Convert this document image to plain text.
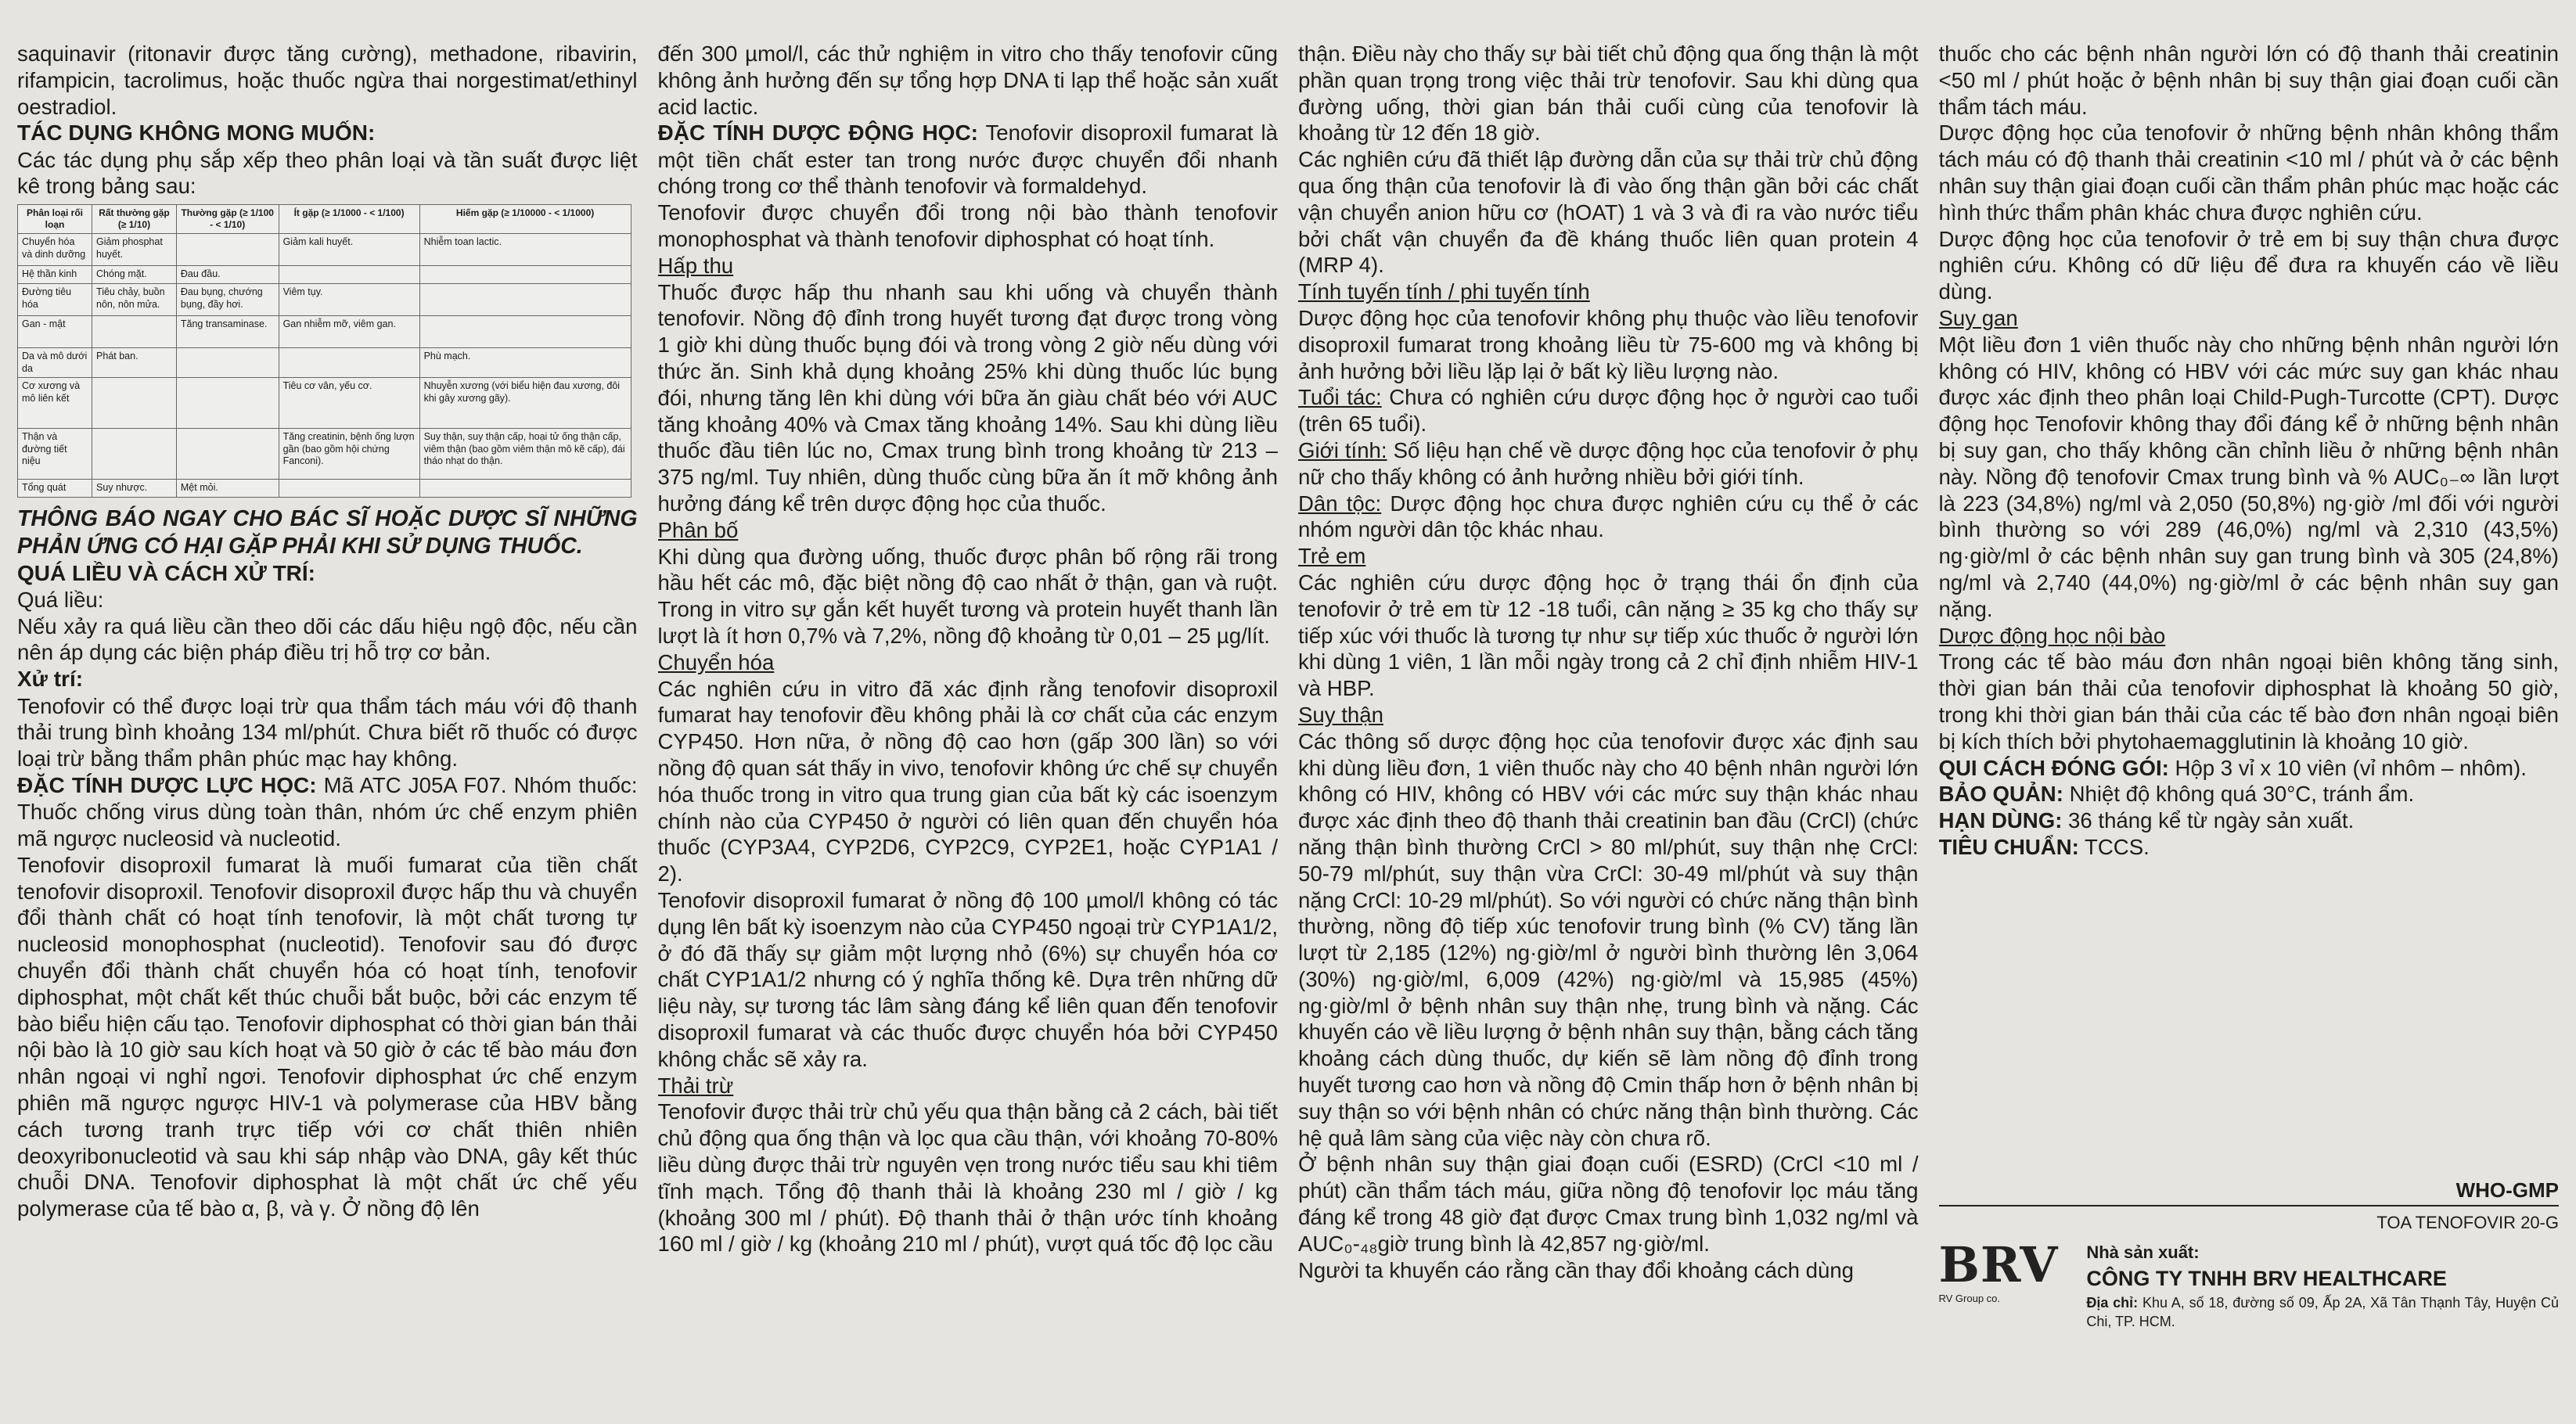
saquinavir (ritonavir được tăng cường), methadone, ribavirin, rifampicin, tacrolimus, hoặc thuốc ngừa thai norgestimat/ethinyl oestradiol.

TÁC DỤNG KHÔNG MONG MUỐN:

Các tác dụng phụ sắp xếp theo phân loại và tần suất được liệt kê trong bảng sau:

Phân loại rối loạn	Rất thường gặp (≥ 1/10)	Thường gặp (≥ 1/100 - < 1/10)	Ít gặp (≥ 1/1000 - < 1/100)	Hiếm gặp (≥ 1/10000 - < 1/1000)
Chuyển hóa và dinh dưỡng	Giảm phosphat huyết.		Giảm kali huyết.	Nhiễm toan lactic.
Hệ thần kinh	Chóng mặt.	Đau đầu.		
Đường tiêu hóa	Tiêu chảy, buồn nôn, nôn mửa.	Đau bụng, chướng bụng, đầy hơi.	Viêm tụy.	
Gan - mật		Tăng transaminase.	Gan nhiễm mỡ, viêm gan.	
Da và mô dưới da	Phát ban.			Phù mạch.
Cơ xương và mô liên kết			Tiêu cơ vân, yếu cơ.	Nhuyễn xương (với biểu hiện đau xương, đôi khi gây xương gãy).
Thận và đường tiết niệu			Tăng creatinin, bệnh ống lượn gần (bao gồm hội chứng Fanconi).	Suy thận, suy thận cấp, hoại tử ống thận cấp, viêm thận (bao gồm viêm thận mô kẽ cấp), đái tháo nhạt do thận.
Tổng quát	Suy nhược.	Mệt mỏi.		

THÔNG BÁO NGAY CHO BÁC SĨ HOẶC DƯỢC SĨ NHỮNG PHẢN ỨNG CÓ HẠI GẶP PHẢI KHI SỬ DỤNG THUỐC.

QUÁ LIỀU VÀ CÁCH XỬ TRÍ:

Quá liều:

Nếu xảy ra quá liều cần theo dõi các dấu hiệu ngộ độc, nếu cần nên áp dụng các biện pháp điều trị hỗ trợ cơ bản.

Xử trí:

Tenofovir có thể được loại trừ qua thẩm tách máu với độ thanh thải trung bình khoảng 134 ml/phút. Chưa biết rõ thuốc có được loại trừ bằng thẩm phân phúc mạc hay không.

ĐẶC TÍNH DƯỢC LỰC HỌC: Mã ATC J05A F07. Nhóm thuốc: Thuốc chống virus dùng toàn thân, nhóm ức chế enzym phiên mã ngược nucleosid và nucleotid.

Tenofovir disoproxil fumarat là muối fumarat của tiền chất tenofovir disoproxil. Tenofovir disoproxil được hấp thu và chuyển đổi thành chất có hoạt tính tenofovir, là một chất tương tự nucleosid monophosphat (nucleotid). Tenofovir sau đó được chuyển đổi thành chất chuyển hóa có hoạt tính, tenofovir diphosphat, một chất kết thúc chuỗi bắt buộc, bởi các enzym tế bào biểu hiện cấu tạo. Tenofovir diphosphat có thời gian bán thải nội bào là 10 giờ sau kích hoạt và 50 giờ ở các tế bào máu đơn nhân ngoại vi nghỉ ngơi. Tenofovir diphosphat ức chế enzym phiên mã ngược ngược HIV-1 và polymerase của HBV bằng cách tương tranh trực tiếp với cơ chất thiên nhiên deoxyribonucleotid và sau khi sáp nhập vào DNA, gây kết thúc chuỗi DNA. Tenofovir diphosphat là một chất ức chế yếu polymerase của tế bào α, β, và γ. Ở nồng độ lên

đến 300 µmol/l, các thử nghiệm in vitro cho thấy tenofovir cũng không ảnh hưởng đến sự tổng hợp DNA ti lạp thể hoặc sản xuất acid lactic.

ĐẶC TÍNH DƯỢC ĐỘNG HỌC: Tenofovir disoproxil fumarat là một tiền chất ester tan trong nước được chuyển đổi nhanh chóng trong cơ thể thành tenofovir và formaldehyd.

Tenofovir được chuyển đổi trong nội bào thành tenofovir monophosphat và thành tenofovir diphosphat có hoạt tính.

Hấp thu

Thuốc được hấp thu nhanh sau khi uống và chuyển thành tenofovir. Nồng độ đỉnh trong huyết tương đạt được trong vòng 1 giờ khi dùng thuốc bụng đói và trong vòng 2 giờ nếu dùng với thức ăn. Sinh khả dụng khoảng 25% khi dùng thuốc lúc bụng đói, nhưng tăng lên khi dùng với bữa ăn giàu chất béo với AUC tăng khoảng 40% và Cmax tăng khoảng 14%. Sau khi dùng liều thuốc đầu tiên lúc no, Cmax trung bình trong khoảng từ 213 – 375 ng/ml. Tuy nhiên, dùng thuốc cùng bữa ăn ít mỡ không ảnh hưởng đáng kể trên dược động học của thuốc.

Phân bố

Khi dùng qua đường uống, thuốc được phân bố rộng rãi trong hầu hết các mô, đặc biệt nồng độ cao nhất ở thận, gan và ruột. Trong in vitro sự gắn kết huyết tương và protein huyết thanh lần lượt là ít hơn 0,7% và 7,2%, nồng độ khoảng từ 0,01 – 25 µg/lít.

Chuyển hóa

Các nghiên cứu in vitro đã xác định rằng tenofovir disoproxil fumarat hay tenofovir đều không phải là cơ chất của các enzym CYP450. Hơn nữa, ở nồng độ cao hơn (gấp 300 lần) so với nồng độ quan sát thấy in vivo, tenofovir không ức chế sự chuyển hóa thuốc trong in vitro qua trung gian của bất kỳ các isoenzym chính nào của CYP450 ở người có liên quan đến chuyển hóa thuốc (CYP3A4, CYP2D6, CYP2C9, CYP2E1, hoặc CYP1A1 / 2).

Tenofovir disoproxil fumarat ở nồng độ 100 µmol/l không có tác dụng lên bất kỳ isoenzym nào của CYP450 ngoại trừ CYP1A1/2, ở đó đã thấy sự giảm một lượng nhỏ (6%) sự chuyển hóa cơ chất CYP1A1/2 nhưng có ý nghĩa thống kê. Dựa trên những dữ liệu này, sự tương tác lâm sàng đáng kể liên quan đến tenofovir disoproxil fumarat và các thuốc được chuyển hóa bởi CYP450 không chắc sẽ xảy ra.

Thải trừ

Tenofovir được thải trừ chủ yếu qua thận bằng cả 2 cách, bài tiết chủ động qua ống thận và lọc qua cầu thận, với khoảng 70-80% liều dùng được thải trừ nguyên vẹn trong nước tiểu sau khi tiêm tĩnh mạch. Tổng độ thanh thải là khoảng 230 ml / giờ / kg (khoảng 300 ml / phút). Độ thanh thải ở thận ước tính khoảng 160 ml / giờ / kg (khoảng 210 ml / phút), vượt quá tốc độ lọc cầu

thận. Điều này cho thấy sự bài tiết chủ động qua ống thận là một phần quan trọng trong việc thải trừ tenofovir. Sau khi dùng qua đường uống, thời gian bán thải cuối cùng của tenofovir là khoảng từ 12 đến 18 giờ.

Các nghiên cứu đã thiết lập đường dẫn của sự thải trừ chủ động qua ống thận của tenofovir là đi vào ống thận gần bởi các chất vận chuyển anion hữu cơ (hOAT) 1 và 3 và đi ra vào nước tiểu bởi chất vận chuyển đa đề kháng thuốc liên quan protein 4 (MRP 4).

Tính tuyến tính / phi tuyến tính

Dược động học của tenofovir không phụ thuộc vào liều tenofovir disoproxil fumarat trong khoảng liều từ 75-600 mg và không bị ảnh hưởng bởi liều lặp lại ở bất kỳ liều lượng nào.

Tuổi tác: Chưa có nghiên cứu dược động học ở người cao tuổi (trên 65 tuổi).

Giới tính: Số liệu hạn chế về dược động học của tenofovir ở phụ nữ cho thấy không có ảnh hưởng nhiều bởi giới tính.

Dân tộc: Dược động học chưa được nghiên cứu cụ thể ở các nhóm người dân tộc khác nhau.

Trẻ em

Các nghiên cứu dược động học ở trạng thái ổn định của tenofovir ở trẻ em từ 12 -18 tuổi, cân nặng ≥ 35 kg cho thấy sự tiếp xúc với thuốc là tương tự như sự tiếp xúc thuốc ở người lớn khi dùng 1 viên, 1 lần mỗi ngày trong cả 2 chỉ định nhiễm HIV-1 và HBP.

Suy thận

Các thông số dược động học của tenofovir được xác định sau khi dùng liều đơn, 1 viên thuốc này cho 40 bệnh nhân người lớn không có HIV, không có HBV với các mức suy thận khác nhau được xác định theo độ thanh thải creatinin ban đầu (CrCl) (chức năng thận bình thường CrCl > 80 ml/phút, suy thận nhẹ CrCl: 50-79 ml/phút, suy thận vừa CrCl: 30-49 ml/phút và suy thận nặng CrCl: 10-29 ml/phút). So với người có chức năng thận bình thường, nồng độ tiếp xúc tenofovir trung bình (% CV) tăng lần lượt từ 2,185 (12%) ng·giờ/ml ở người bình thường lên 3,064 (30%) ng·giờ/ml, 6,009 (42%) ng·giờ/ml và 15,985 (45%) ng·giờ/ml ở bệnh nhân suy thận nhẹ, trung bình và nặng. Các khuyến cáo về liều lượng ở bệnh nhân suy thận, bằng cách tăng khoảng cách dùng thuốc, dự kiến sẽ làm nồng độ đỉnh trong huyết tương cao hơn và nồng độ Cmin thấp hơn ở bệnh nhân bị suy thận so với bệnh nhân có chức năng thận bình thường. Các hệ quả lâm sàng của việc này còn chưa rõ.

Ở bệnh nhân suy thận giai đoạn cuối (ESRD) (CrCl <10 ml / phút) cần thẩm tách máu, giữa nồng độ tenofovir lọc máu tăng đáng kể trong 48 giờ đạt được Cmax trung bình 1,032 ng/ml và AUC₀-₄₈giờ trung bình là 42,857 ng·giờ/ml.

Người ta khuyến cáo rằng cần thay đổi khoảng cách dùng

thuốc cho các bệnh nhân người lớn có độ thanh thải creatinin <50 ml / phút hoặc ở bệnh nhân bị suy thận giai đoạn cuối cần thẩm tách máu.

Dược động học của tenofovir ở những bệnh nhân không thẩm tách máu có độ thanh thải creatinin <10 ml / phút và ở các bệnh nhân suy thận giai đoạn cuối cần thẩm phân phúc mạc hoặc các hình thức thẩm phân khác chưa được nghiên cứu.

Dược động học của tenofovir ở trẻ em bị suy thận chưa được nghiên cứu. Không có dữ liệu để đưa ra khuyến cáo về liều dùng.

Suy gan

Một liều đơn 1 viên thuốc này cho những bệnh nhân người lớn không có HIV, không có HBV với các mức suy gan khác nhau được xác định theo phân loại Child-Pugh-Turcotte (CPT). Dược động học Tenofovir không thay đổi đáng kể ở những bệnh nhân bị suy gan, cho thấy không cần chỉnh liều ở những bệnh nhân này. Nồng độ tenofovir Cmax trung bình và % AUC₀₋∞ lần lượt là 223 (34,8%) ng/ml và 2,050 (50,8%) ng·giờ /ml đối với người bình thường so với 289 (46,0%) ng/ml và 2,310 (43,5%) ng·giờ/ml ở các bệnh nhân suy gan trung bình và 305 (24,8%) ng/ml và 2,740 (44,0%) ng·giờ/ml ở các bệnh nhân suy gan nặng.

Dược động học nội bào

Trong các tế bào máu đơn nhân ngoại biên không tăng sinh, thời gian bán thải của tenofovir diphosphat là khoảng 50 giờ, trong khi thời gian bán thải của các tế bào đơn nhân ngoại biên bị kích thích bởi phytohaemagglutinin là khoảng 10 giờ.

QUI CÁCH ĐÓNG GÓI: Hộp 3 vỉ x 10 viên (vỉ nhôm – nhôm).

BẢO QUẢN: Nhiệt độ không quá 30°C, tránh ẩm.

HẠN DÙNG: 36 tháng kể từ ngày sản xuất.

TIÊU CHUẨN: TCCS.

WHO-GMP
TOA TENOFOVIR 20-G
BRV
RV Group co.
Nhà sản xuất:
CÔNG TY TNHH BRV HEALTHCARE
Địa chỉ: Khu A, số 18, đường số 09, Ấp 2A, Xã Tân Thạnh Tây, Huyện Củ Chi, TP. HCM.
